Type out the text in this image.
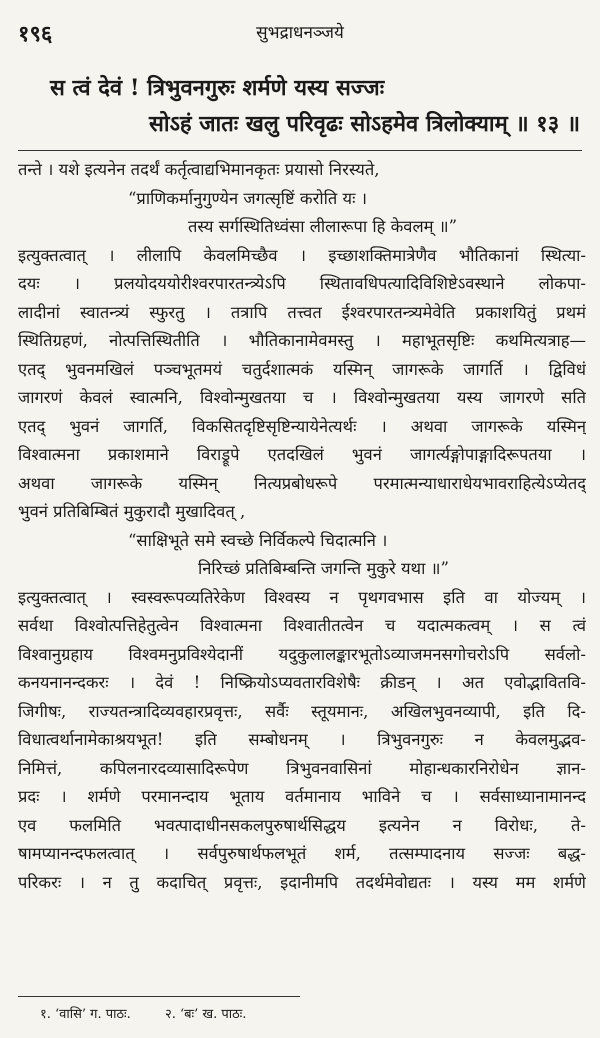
१९६	सुभद्राधनञ्जये
स त्वं देवं ! त्रिभुवनगुरुः शर्मणे यस्य सज्जः
सोऽहं जातः खलु परिवृढः सोऽहमेव त्रिलोक्याम् ॥ १३ ॥
तन्ते । यशे इत्यनेन तदर्थं कर्तृत्वाद्यभिमानकृतः प्रयासो निरस्यते,
“प्राणिकर्मानुगुण्येन जगत्सृष्टिं करोति यः ।
तस्य सर्गस्थितिध्वंसा लीलारूपा हि केवलम् ॥”
इत्युक्तत्वात् । लीलापि केवलमिच्छैव । इच्छाशक्तिमात्रेणैव भौतिकानां स्थित्या-
दयः । प्रलयोदययोरीश्वरपारतन्त्र्येऽपि स्थितावधिपत्यादिविशिष्टेऽवस्थाने लोकपा-
लादीनां स्वातन्त्र्यं स्फुरतु । तत्रापि तत्त्वत ईश्वरपारतन्त्र्यमेवेति प्रकाशयितुं प्रथमं
स्थितिग्रहणं, नोत्पत्तिस्थितीति । भौतिकानामेवमस्तु । महाभूतसृष्टिः कथमित्यत्राह—
एतद् भुवनमखिलं पञ्चभूतमयं चतुर्दशात्मकं यस्मिन् जागरूके जागर्ति । द्विविधं
जागरणं केवलं स्वात्मनि, विश्वोन्मुखतया च । विश्वोन्मुखतया यस्य जागरणे सति
एतद् भुवनं जागर्ति, विकसितदृष्टिसृष्टिन्यायेनेत्यर्थः । अथवा जागरूके यस्मिन्
विश्वात्मना प्रकाशमाने विराड्रूपे एतदखिलं भुवनं जागर्त्यङ्गोपाङ्गादिरूपतया ।
अथवा जागरूके यस्मिन् नित्यप्रबोधरूपे परमात्मन्याधाराधेयभावराहित्येऽप्येतद्
भुवनं प्रतिबिम्बितं मुकुरादौ मुखादिवत् ,
“साक्षिभूते समे स्वच्छे निर्विकल्पे चिदात्मनि ।
निरिच्छं प्रतिबिम्बन्ति जगन्ति मुकुरे यथा ॥”
इत्युक्तत्वात् । स्वस्वरूपव्यतिरेकेण विश्वस्य न पृथगवभास इति वा योज्यम् ।
सर्वथा विश्वोत्पत्तिहेतुत्वेन विश्वात्मना विश्वातीतत्वेन च यदात्मकत्वम् । स त्वं
विश्वानुग्रहाय विश्वमनुप्रविश्येदानीं यदुकुलालङ्कारभूतोऽव्याजमनसगोचरोऽपि सर्वलो-
कनयनानन्दकरः । देवं ! निष्क्रियोऽप्यवतारविशेषैः क्रीडन् । अत एवोद्भावितवि-
जिगीषः, राज्यतन्त्रादिव्यवहारप्रवृत्तः, सर्वैः स्तूयमानः, अखिलभुवनव्यापी, इति दि-
विधात्वर्थानामेकाश्रयभूत! इति सम्बोधनम् । त्रिभुवनगुरुः न केवलमुद्भव-
निमित्तं, कपिलनारदव्यासादिरूपेण त्रिभुवनवासिनां मोहान्धकारनिरोधेन ज्ञान-
प्रदः । शर्मणे परमानन्दाय भूताय वर्तमानाय भाविने च । सर्वसाध्यानामानन्द
एव फलमिति भवत्पादाधीनसकलपुरुषार्थसिद्धय इत्यनेन न विरोधः, ते-
षामप्यानन्दफलत्वात् । सर्वपुरुषार्थफलभूतं शर्म, तत्सम्पादनाय सज्जः बद्ध-
परिकरः । न तु कदाचित् प्रवृत्तः, इदानीमपि तदर्थमेवोद्यतः । यस्य मम शर्मणे
१. ‘वासि’ ग. पाठः.	२. ‘बः’ ख. पाठः.
